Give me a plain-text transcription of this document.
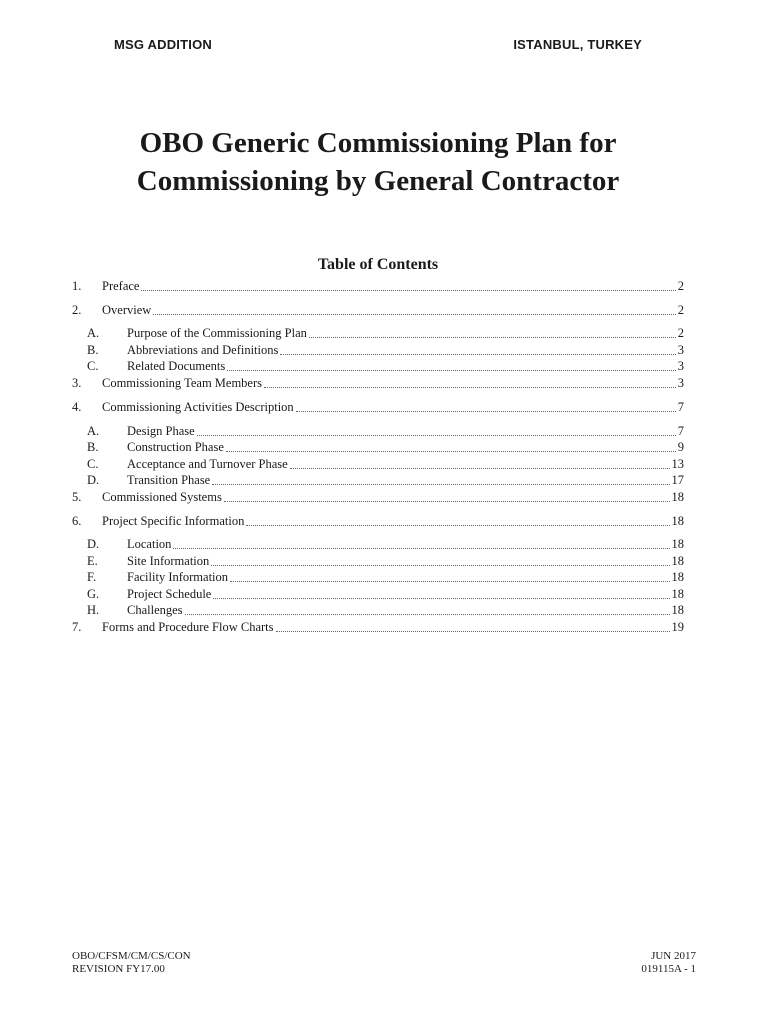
MSG ADDITION	ISTANBUL, TURKEY
OBO Generic Commissioning Plan for
Commissioning by General Contractor
Table of Contents
1.	Preface	2
2.	Overview	2
A.	Purpose of the Commissioning Plan	2
B.	Abbreviations and Definitions	3
C.	Related Documents	3
3.	Commissioning Team Members	3
4.	Commissioning Activities Description	7
A.	Design Phase	7
B.	Construction Phase	9
C.	Acceptance and Turnover Phase	13
D.	Transition Phase	17
5.	Commissioned Systems	18
6.	Project Specific Information	18
D.	Location	18
E.	Site Information	18
F.	Facility Information	18
G.	Project Schedule	18
H.	Challenges	18
7.	Forms and Procedure Flow Charts	19
OBO/CFSM/CM/CS/CON
REVISION FY17.00
JUN 2017
019115A - 1
